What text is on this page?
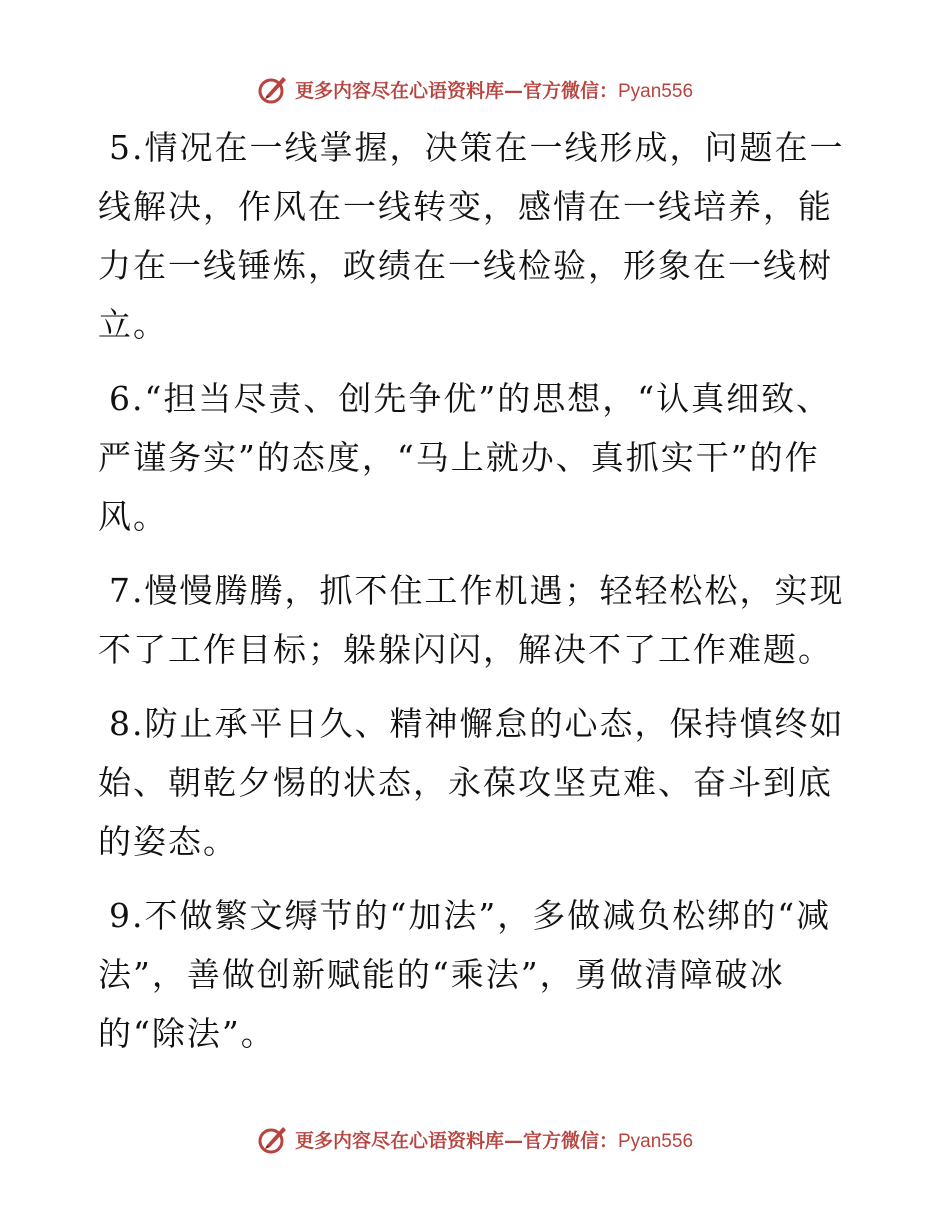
更多内容尽在心语资料库—官方微信：Pyan556

5.情况在一线掌握，决策在一线形成，问题在一线解决，作风在一线转变，感情在一线培养，能力在一线锤炼，政绩在一线检验，形象在一线树立。

6.“担当尽责、创先争优”的思想，“认真细致、严谨务实”的态度，“马上就办、真抓实干”的作风。

7.慢慢腾腾，抓不住工作机遇；轻轻松松，实现不了工作目标；躲躲闪闪，解决不了工作难题。

8.防止承平日久、精神懈怠的心态，保持慎终如始、朝乾夕惕的状态，永葆攻坚克难、奋斗到底的姿态。

9.不做繁文缛节的“加法”，多做减负松绑的“减法”，善做创新赋能的“乘法”，勇做清障破冰的“除法”。

更多内容尽在心语资料库—官方微信：Pyan556
